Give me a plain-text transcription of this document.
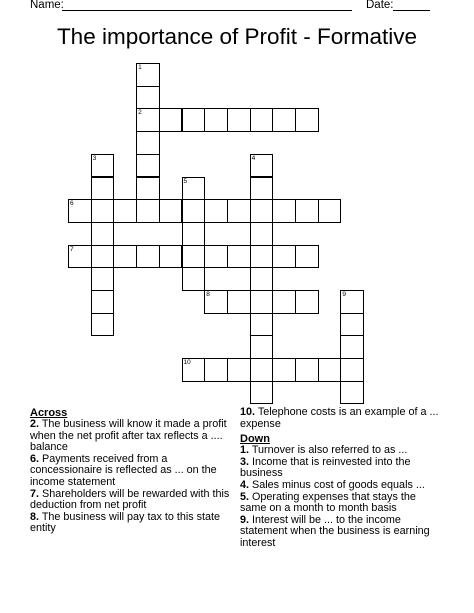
Name:	Date:
The importance of Profit - Formative
1
2
3	4
5
6
7
8	9
10
Across
2. The business will know it made a profit when the net profit after tax reflects a .... balance
6. Payments received from a concessionaire is reflected as ... on the income statement
7. Shareholders will be rewarded with this deduction from net profit
8. The business will pay tax to this state entity
10. Telephone costs is an example of a ... expense
Down
1. Turnover is also referred to as ...
3. Income that is reinvested into the business
4. Sales minus cost of goods equals ...
5. Operating expenses that stays the same on a month to month basis
9. Interest will be ... to the income statement when the business is earning interest
